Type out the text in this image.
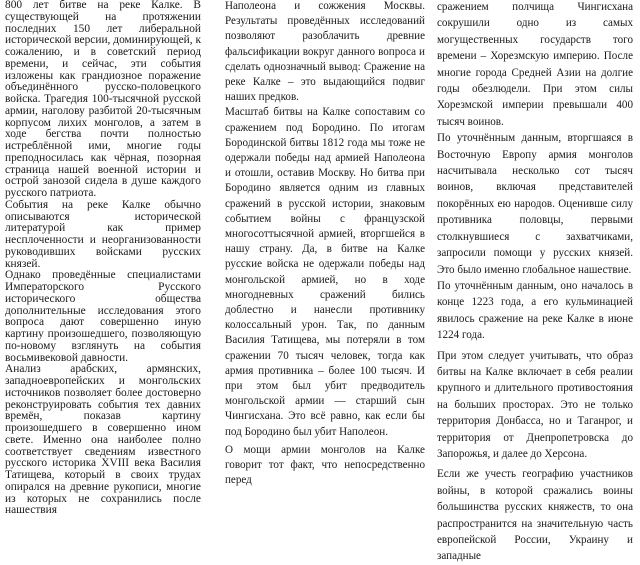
800 лет битве на реке Калке. В существующей на протяжении последних 150 лет либеральной исторической версии, доминирующей, к сожалению, и в советский период времени, и сейчас, эти события изложены как грандиозное поражение объединённого русско-половецкого войска. Трагедия 100-тысячной русской армии, наголову разбитой 20-тысячным корпусом лихих монголов, а затем в ходе бегства почти полностью истреблённой ими, многие годы преподносилась как чёрная, позорная страница нашей военной истории и острой занозой сидела в душе каждого русского патриота.

События на реке Калке обычно описываются исторической литературой как пример несплоченности и неорганизованности руководивших войсками русских князей.

Однако проведённые специалистами Императорского Русского исторического общества дополнительные исследования этого вопроса дают совершенно иную картину произошедшего, позволяющую по-новому взглянуть на события восьмивековой давности.

Анализ арабских, армянских, западноевропейских и монгольских источников позволяет более достоверно реконструировать события тех давних времён, показав картину произошедшего в совершенно ином свете. Именно она наиболее полно соответствует сведениям известного русского историка XVIII века Василия Татищева, который в своих трудах опирался на древние рукописи, многие из которых не сохранились после нашествия

Наполеона и сожжения Москвы. Результаты проведённых исследований позволяют разоблачить древние фальсификации вокруг данного вопроса и сделать однозначный вывод: Сражение на реке Калке – это выдающийся подвиг наших предков.

Масштаб битвы на Калке сопоставим со сражением под Бородино. По итогам Бородинской битвы 1812 года мы тоже не одержали победы над армией Наполеона и отошли, оставив Москву. Но битва при Бородино является одним из главных сражений в русской истории, знаковым событием войны с французской многосоттысячной армией, вторгшейся в нашу страну. Да, в битве на Калке русские войска не одержали победы над монгольской армией, но в ходе многодневных сражений бились доблестно и нанесли противнику колоссальный урон. Так, по данным Василия Татищева, мы потеряли в том сражении 70 тысяч человек, тогда как армия противника – более 100 тысяч. И при этом был убит предводитель монгольской армии — старший сын Чингисхана. Это всё равно, как если бы под Бородино был убит Наполеон.

О мощи армии монголов на Калке говорит тот факт, что непосредственно перед

сражением полчища Чингисхана сокрушили одно из самых могущественных государств того времени – Хорезмскую империю. После многие города Средней Азии на долгие годы обезлюдели. При этом силы Хорезмской империи превышали 400 тысяч воинов.

По уточнённым данным, вторгшаяся в Восточную Европу армия монголов насчитывала несколько сот тысяч воинов, включая представителей покорённых ею народов. Оценивше силу противника половцы, первыми столкнувшиеся с захватчиками, запросили помощи у русских князей. Это было именно глобальное нашествие.

По уточнённым данным, оно началось в конце 1223 года, а его кульминацией явилось сражение на реке Калке в июне 1224 года.

При этом следует учитывать, что образ битвы на Калке включает в себя реалии крупного и длительного противостояния на больших просторах. Это не только территория Донбасса, но и Таганрог, и территория от Днепропетровска до Запорожья, и далее до Херсона.

Если же учесть географию участников войны, в которой сражались воины большинства русских княжеств, то она распространится на значительную часть европейской России, Украину и западные
